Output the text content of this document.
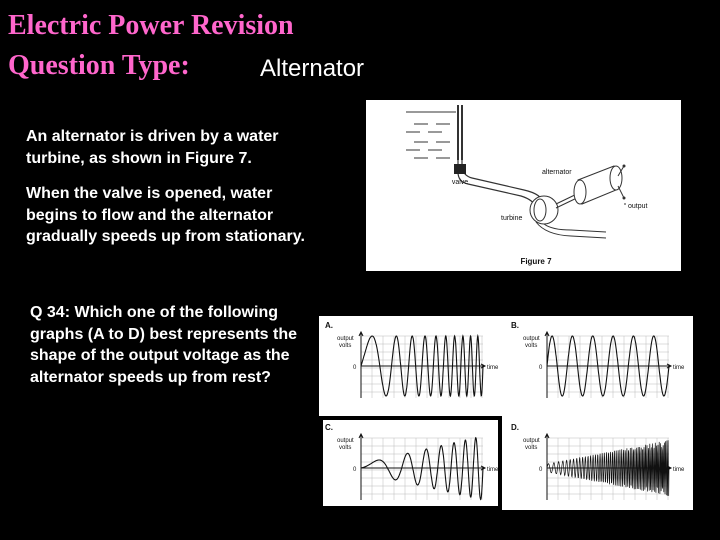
Electric Power Revision
Question Type:	Alternator

An alternator is driven by a water turbine, as shown in Figure 7.

When the valve is opened, water begins to flow and the alternator gradually speeds up from stationary.

Q 34: Which one of the following graphs (A to D) best represents the shape of the output voltage as the alternator speeds up from rest?

valve
turbine
alternator
output
Figure 7
A.
output
volts
0	time
B.
output
volts
0	time
C.
output
volts
0	time
D.
output
volts
0	time
